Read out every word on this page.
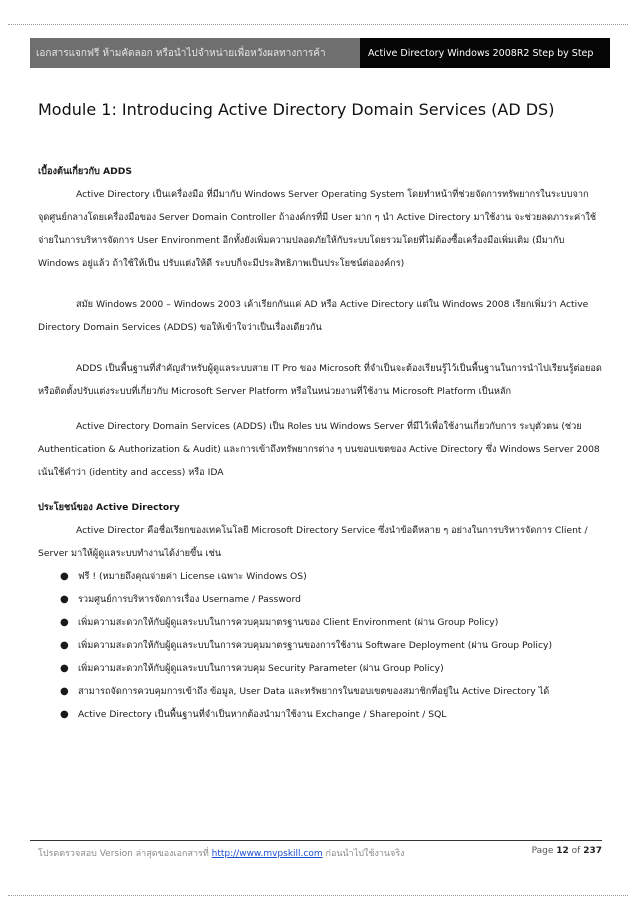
เอกสารแจกฟรี ห้ามคัดลอก หรือนำไปจำหน่ายเพื่อหวังผลทางการค้า	Active Directory Windows 2008R2 Step by Step
Module 1: Introducing Active Directory Domain Services (AD DS)

เบื้องต้นเกี่ยวกับ ADDS

Active Directory เป็นเครื่องมือ ที่มีมากับ Windows Server Operating System โดยทำหน้าที่ช่วยจัดการทรัพยากรในระบบจากจุดศูนย์กลางโดยเครื่องมือของ Server Domain Controller ถ้าองค์กรที่มี User มาก ๆ นำ Active Directory มาใช้งาน จะช่วยลดภาระค่าใช้จ่ายในการบริหารจัดการ User Environment อีกทั้งยังเพิ่มความปลอดภัยให้กับระบบโดยรวมโดยที่ไม่ต้องซื้อเครื่องมือเพิ่มเติม (มีมากับ Windows อยู่แล้ว ถ้าใช้ให้เป็น ปรับแต่งให้ดี ระบบก็จะมีประสิทธิภาพเป็นประโยชน์ต่อองค์กร)

สมัย Windows 2000 – Windows 2003 เค้าเรียกกันแค่ AD หรือ Active Directory แต่ใน Windows 2008 เรียกเพิ่มว่า Active Directory Domain Services (ADDS) ขอให้เข้าใจว่าเป็นเรื่องเดียวกัน

ADDS เป็นพื้นฐานที่สำคัญสำหรับผู้ดูแลระบบสาย IT Pro ของ Microsoft ที่จำเป็นจะต้องเรียนรู้ไว้เป็นพื้นฐานในการนำไปเรียนรู้ต่อยอด หรือติดตั้งปรับแต่งระบบที่เกี่ยวกับ Microsoft Server Platform หรือในหน่วยงานที่ใช้งาน Microsoft Platform เป็นหลัก

Active Directory Domain Services (ADDS) เป็น Roles บน Windows Server ที่มีไว้เพื่อใช้งานเกี่ยวกับการ ระบุตัวตน (ช่วย Authentication & Authorization & Audit) และการเข้าถึงทรัพยากรต่าง ๆ บนขอบเขตของ Active Directory ซึ่ง Windows Server 2008 เน้นใช้คำว่า (identity and access) หรือ IDA

ประโยชน์ของ Active Directory

Active Director คือชื่อเรียกของเทคโนโลยี Microsoft Directory Service ซึ่งนำข้อดีหลาย ๆ อย่างในการบริหารจัดการ Client / Server มาให้ผู้ดูแลระบบทำงานได้ง่ายขึ้น เช่น

● ฟรี ! (หมายถึงคุณจ่ายค่า License เฉพาะ Windows OS)
● รวมศูนย์การบริหารจัดการเรื่อง Username / Password
● เพิ่มความสะดวกให้กับผู้ดูแลระบบในการควบคุมมาตรฐานของ Client Environment (ผ่าน Group Policy)
● เพิ่มความสะดวกให้กับผู้ดูแลระบบในการควบคุมมาตรฐานของการใช้งาน Software Deployment (ผ่าน Group Policy)
● เพิ่มความสะดวกให้กับผู้ดูแลระบบในการควบคุม Security Parameter (ผ่าน Group Policy)
● สามารถจัดการควบคุมการเข้าถึง ข้อมูล, User Data และทรัพยากรในขอบเขตของสมาชิกที่อยู่ใน Active Directory ได้
● Active Directory เป็นพื้นฐานที่จำเป็นหากต้องนำมาใช้งาน Exchange / Sharepoint / SQL
โปรดตรวจสอบ Version ล่าสุดของเอกสารที่ http://www.mvpskill.com ก่อนนำไปใช้งานจริง	Page 12 of 237
